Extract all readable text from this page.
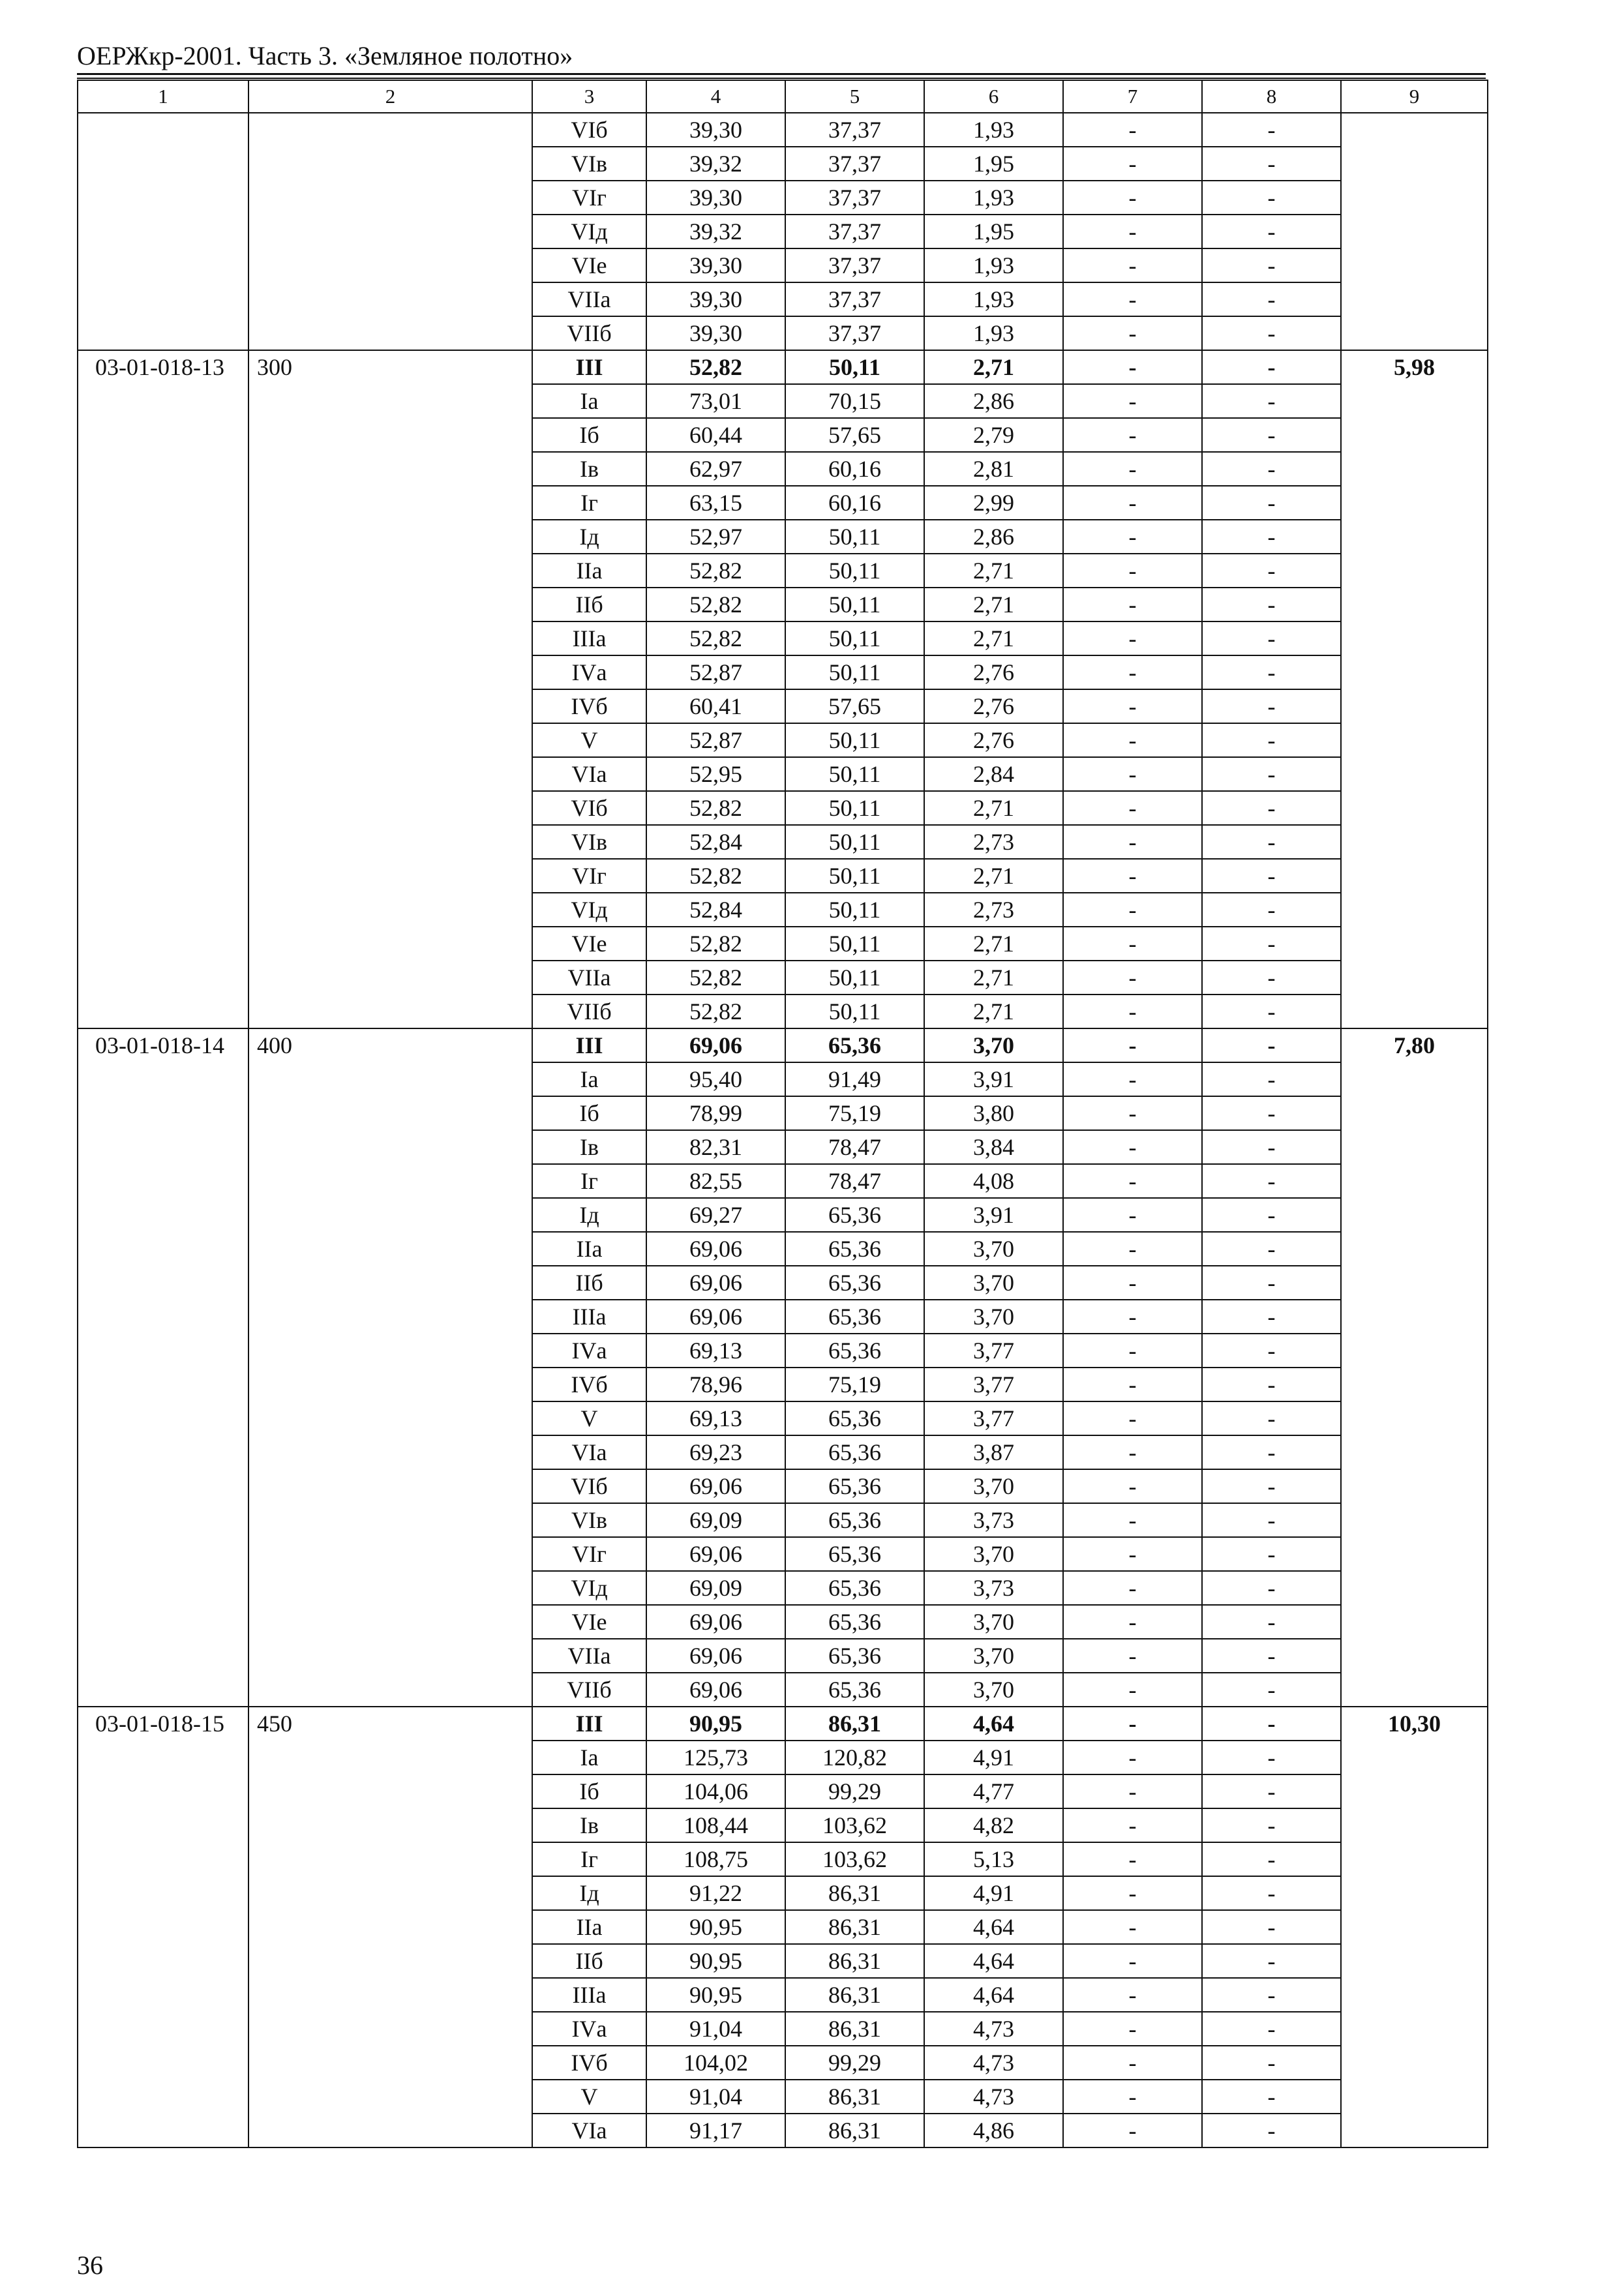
ОЕРЖкр-2001. Часть 3. «Земляное полотно»
1	2	3	4	5	6	7	8	9
		VIб	39,30	37,37	1,93	-	-	
		VIв	39,32	37,37	1,95	-	-	
		VIг	39,30	37,37	1,93	-	-	
		VIд	39,32	37,37	1,95	-	-	
		VIе	39,30	37,37	1,93	-	-	
		VIIа	39,30	37,37	1,93	-	-	
		VIIб	39,30	37,37	1,93	-	-	
03-01-018-13	300	III	52,82	50,11	2,71	-	-	5,98
		Iа	73,01	70,15	2,86	-	-	
		Iб	60,44	57,65	2,79	-	-	
		Iв	62,97	60,16	2,81	-	-	
		Iг	63,15	60,16	2,99	-	-	
		Iд	52,97	50,11	2,86	-	-	
		IIа	52,82	50,11	2,71	-	-	
		IIб	52,82	50,11	2,71	-	-	
		IIIа	52,82	50,11	2,71	-	-	
		IVа	52,87	50,11	2,76	-	-	
		IVб	60,41	57,65	2,76	-	-	
		V	52,87	50,11	2,76	-	-	
		VIа	52,95	50,11	2,84	-	-	
		VIб	52,82	50,11	2,71	-	-	
		VIв	52,84	50,11	2,73	-	-	
		VIг	52,82	50,11	2,71	-	-	
		VIд	52,84	50,11	2,73	-	-	
		VIе	52,82	50,11	2,71	-	-	
		VIIа	52,82	50,11	2,71	-	-	
		VIIб	52,82	50,11	2,71	-	-	
03-01-018-14	400	III	69,06	65,36	3,70	-	-	7,80
		Iа	95,40	91,49	3,91	-	-	
		Iб	78,99	75,19	3,80	-	-	
		Iв	82,31	78,47	3,84	-	-	
		Iг	82,55	78,47	4,08	-	-	
		Iд	69,27	65,36	3,91	-	-	
		IIа	69,06	65,36	3,70	-	-	
		IIб	69,06	65,36	3,70	-	-	
		IIIа	69,06	65,36	3,70	-	-	
		IVа	69,13	65,36	3,77	-	-	
		IVб	78,96	75,19	3,77	-	-	
		V	69,13	65,36	3,77	-	-	
		VIа	69,23	65,36	3,87	-	-	
		VIб	69,06	65,36	3,70	-	-	
		VIв	69,09	65,36	3,73	-	-	
		VIг	69,06	65,36	3,70	-	-	
		VIд	69,09	65,36	3,73	-	-	
		VIе	69,06	65,36	3,70	-	-	
		VIIа	69,06	65,36	3,70	-	-	
		VIIб	69,06	65,36	3,70	-	-	
03-01-018-15	450	III	90,95	86,31	4,64	-	-	10,30
		Iа	125,73	120,82	4,91	-	-	
		Iб	104,06	99,29	4,77	-	-	
		Iв	108,44	103,62	4,82	-	-	
		Iг	108,75	103,62	5,13	-	-	
		Iд	91,22	86,31	4,91	-	-	
		IIа	90,95	86,31	4,64	-	-	
		IIб	90,95	86,31	4,64	-	-	
		IIIа	90,95	86,31	4,64	-	-	
		IVа	91,04	86,31	4,73	-	-	
		IVб	104,02	99,29	4,73	-	-	
		V	91,04	86,31	4,73	-	-	
		VIа	91,17	86,31	4,86	-	-	
36
